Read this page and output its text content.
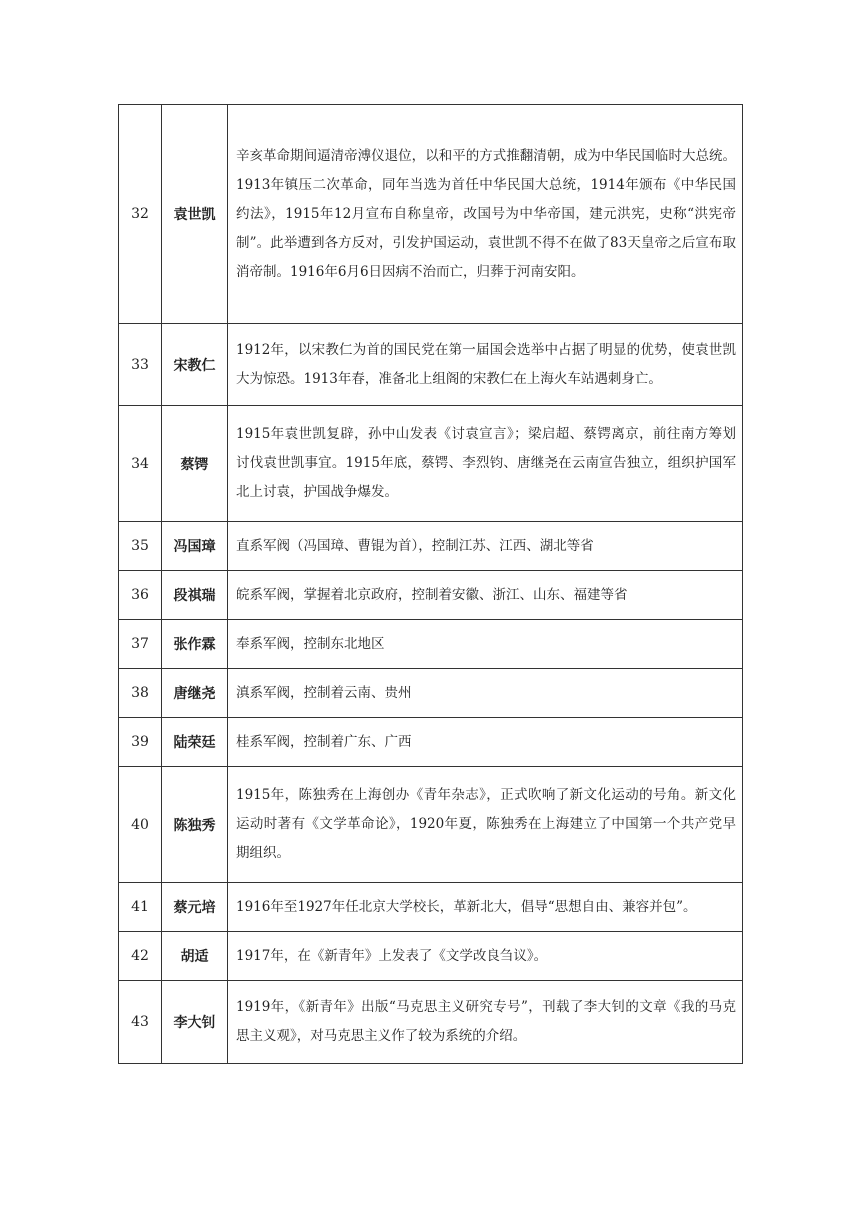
32	袁世凯	辛亥革命期间逼清帝溥仪退位，以和平的方式推翻清朝，成为中华民国临时大总统。1913年镇压二次革命，同年当选为首任中华民国大总统，1914年颁布《中华民国约法》，1915年12月宣布自称皇帝，改国号为中华帝国，建元洪宪，史称“洪宪帝制”。此举遭到各方反对，引发护国运动，袁世凯不得不在做了83天皇帝之后宣布取消帝制。1916年6月6日因病不治而亡，归葬于河南安阳。
33	宋教仁	1912年，以宋教仁为首的国民党在第一届国会选举中占据了明显的优势，使袁世凯大为惊恐。1913年春，准备北上组阁的宋教仁在上海火车站遇刺身亡。
34	蔡锷	1915年袁世凯复辟，孙中山发表《讨袁宣言》；梁启超、蔡锷离京，前往南方筹划讨伐袁世凯事宜。1915年底，蔡锷、李烈钧、唐继尧在云南宣告独立，组织护国军北上讨袁，护国战争爆发。
35	冯国璋	直系军阀（冯国璋、曹锟为首），控制江苏、江西、湖北等省
36	段祺瑞	皖系军阀，掌握着北京政府，控制着安徽、浙江、山东、福建等省
37	张作霖	奉系军阀，控制东北地区
38	唐继尧	滇系军阀，控制着云南、贵州
39	陆荣廷	桂系军阀，控制着广东、广西
40	陈独秀	1915年，陈独秀在上海创办《青年杂志》，正式吹响了新文化运动的号角。新文化运动时著有《文学革命论》，1920年夏，陈独秀在上海建立了中国第一个共产党早期组织。
41	蔡元培	1916年至1927年任北京大学校长，革新北大，倡导“思想自由、兼容并包”。
42	胡适	1917年，在《新青年》上发表了《文学改良刍议》。
43	李大钊	1919年，《新青年》出版“马克思主义研究专号”，刊载了李大钊的文章《我的马克思主义观》，对马克思主义作了较为系统的介绍。
